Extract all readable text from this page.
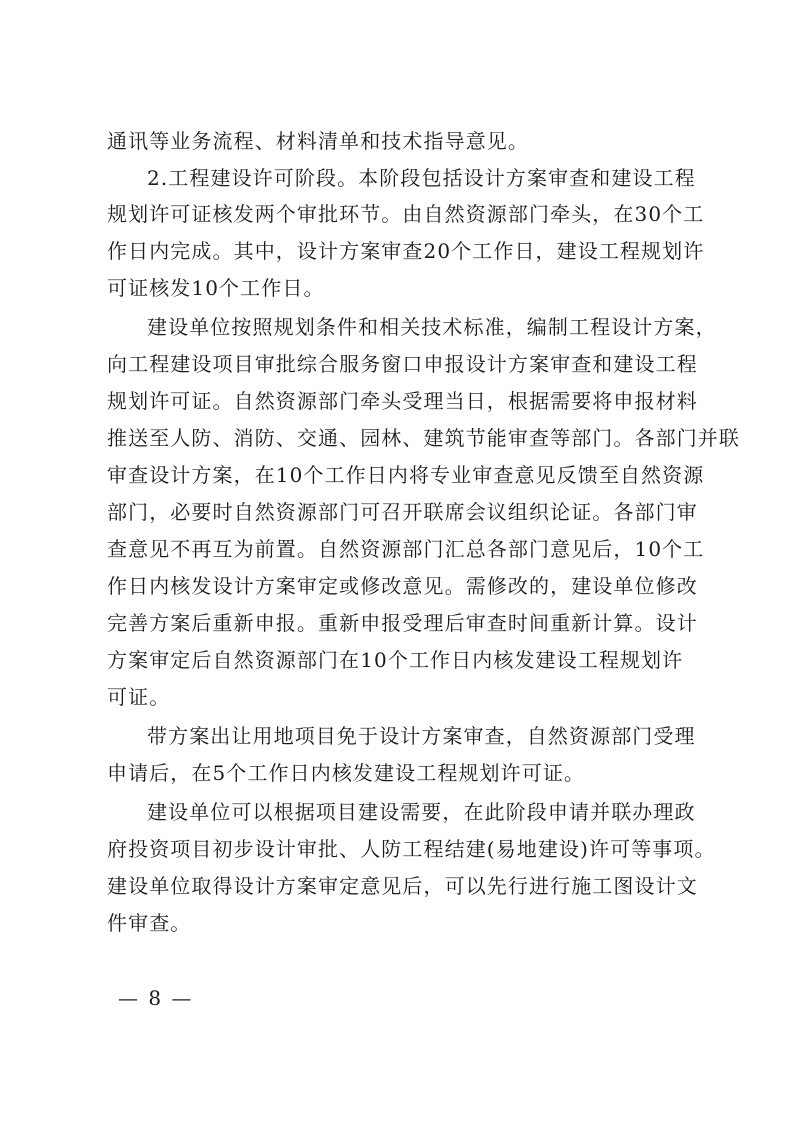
通讯等业务流程、材料清单和技术指导意见。
2.工程建设许可阶段。本阶段包括设计方案审查和建设工程
规划许可证核发两个审批环节。由自然资源部门牵头，在30个工
作日内完成。其中，设计方案审查20个工作日，建设工程规划许
可证核发10个工作日。
建设单位按照规划条件和相关技术标准，编制工程设计方案，
向工程建设项目审批综合服务窗口申报设计方案审查和建设工程
规划许可证。自然资源部门牵头受理当日，根据需要将申报材料
推送至人防、消防、交通、园林、建筑节能审查等部门。各部门并联
审查设计方案，在10个工作日内将专业审查意见反馈至自然资源
部门，必要时自然资源部门可召开联席会议组织论证。各部门审
查意见不再互为前置。自然资源部门汇总各部门意见后，10个工
作日内核发设计方案审定或修改意见。需修改的，建设单位修改
完善方案后重新申报。重新申报受理后审查时间重新计算。设计
方案审定后自然资源部门在10个工作日内核发建设工程规划许
可证。
带方案出让用地项目免于设计方案审查，自然资源部门受理
申请后，在5个工作日内核发建设工程规划许可证。
建设单位可以根据项目建设需要，在此阶段申请并联办理政
府投资项目初步设计审批、人防工程结建(易地建设)许可等事项。
建设单位取得设计方案审定意见后，可以先行进行施工图设计文
件审查。
— 8 —
